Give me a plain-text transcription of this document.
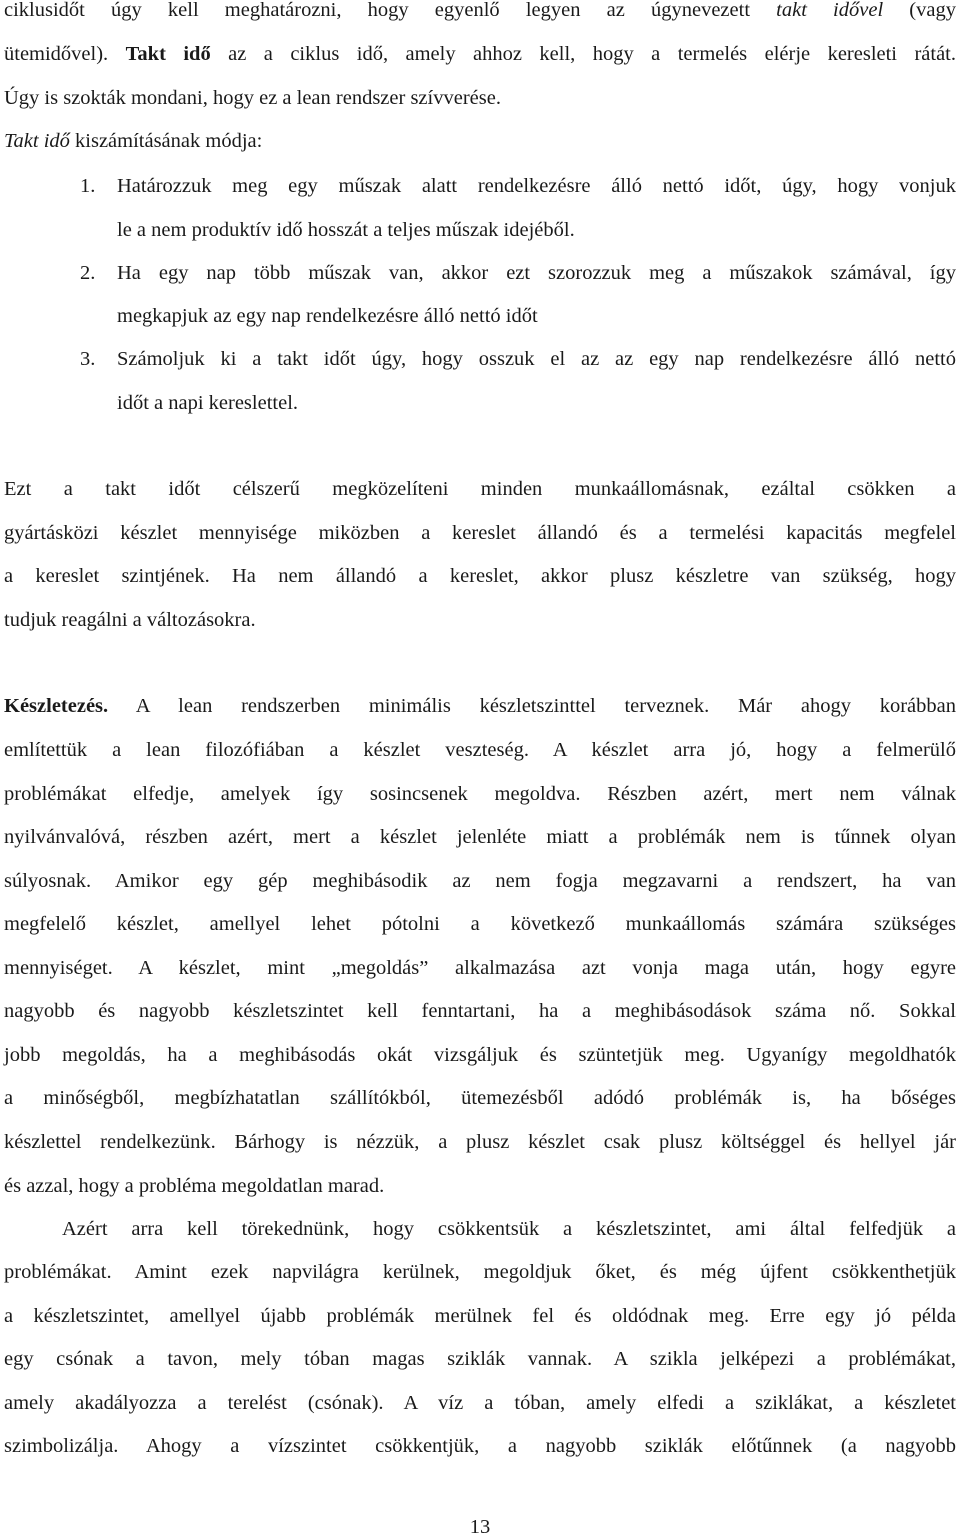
ciklusidőt úgy kell meghatározni, hogy egyenlő legyen az úgynevezett takt idővel (vagy
ütemidővel). Takt idő az a ciklus idő, amely ahhoz kell, hogy a termelés elérje keresleti rátát.
Úgy is szokták mondani, hogy ez a lean rendszer szívverése.
Takt idő kiszámításának módja:
1. Határozzuk meg egy műszak alatt rendelkezésre álló nettó időt, úgy, hogy vonjuk
le a nem produktív idő hosszát a teljes műszak idejéből.
2. Ha egy nap több műszak van, akkor ezt szorozzuk meg a műszakok számával, így
megkapjuk az egy nap rendelkezésre álló nettó időt
3. Számoljuk ki a takt időt úgy, hogy osszuk el az az egy nap rendelkezésre álló nettó
időt a napi kereslettel.
Ezt a takt időt célszerű megközelíteni minden munkaállomásnak, ezáltal csökken a
gyártásközi készlet mennyisége miközben a kereslet állandó és a termelési kapacitás megfelel
a kereslet szintjének. Ha nem állandó a kereslet, akkor plusz készletre van szükség, hogy
tudjuk reagálni a változásokra.
Készletezés. A lean rendszerben minimális készletszinttel terveznek. Már ahogy korábban
említettük a lean filozófiában a készlet veszteség. A készlet arra jó, hogy a felmerülő
problémákat elfedje, amelyek így sosincsenek megoldva. Részben azért, mert nem válnak
nyilvánvalóvá, részben azért, mert a készlet jelenléte miatt a problémák nem is tűnnek olyan
súlyosnak. Amikor egy gép meghibásodik az nem fogja megzavarni a rendszert, ha van
megfelelő készlet, amellyel lehet pótolni a következő munkaállomás számára szükséges
mennyiséget. A készlet, mint „megoldás” alkalmazása azt vonja maga után, hogy egyre
nagyobb és nagyobb készletszintet kell fenntartani, ha a meghibásodások száma nő. Sokkal
jobb megoldás, ha a meghibásodás okát vizsgáljuk és szüntetjük meg. Ugyanígy megoldhatók
a minőségből, megbízhatatlan szállítókból, ütemezésből adódó problémák is, ha bőséges
készlettel rendelkezünk. Bárhogy is nézzük, a plusz készlet csak plusz költséggel és hellyel jár
és azzal, hogy a probléma megoldatlan marad.
Azért arra kell törekednünk, hogy csökkentsük a készletszintet, ami által felfedjük a
problémákat. Amint ezek napvilágra kerülnek, megoldjuk őket, és még újfent csökkenthetjük
a készletszintet, amellyel újabb problémák merülnek fel és oldódnak meg. Erre egy jó példa
egy csónak a tavon, mely tóban magas sziklák vannak. A szikla jelképezi a problémákat,
amely akadályozza a terelést (csónak). A víz a tóban, amely elfedi a sziklákat, a készletet
szimbolizálja. Ahogy a vízszintet csökkentjük, a nagyobb sziklák előtűnnek (a nagyobb
13
